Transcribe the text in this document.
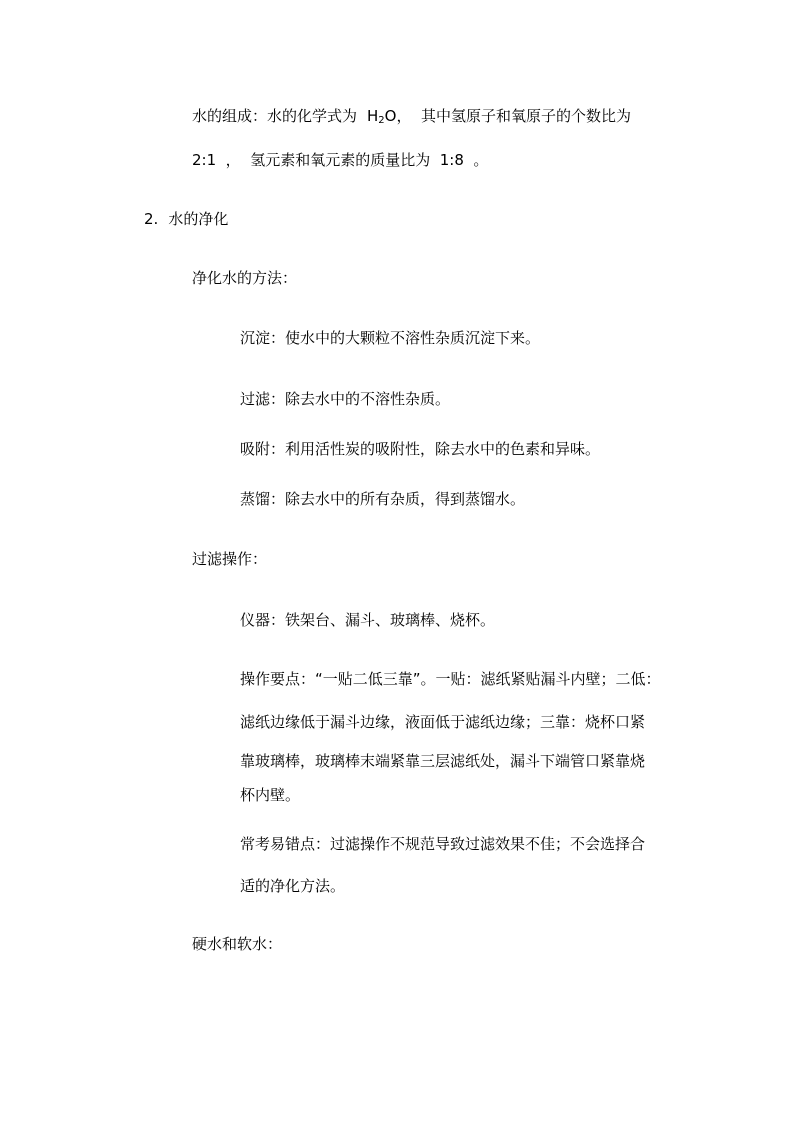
水的组成：水的化学式为 $H_2O$，  其中氢原子和氧原子的个数比为
2:1  ，  氢元素和氧元素的质量比为  1:8  。
2. 水的净化
净化水的方法：
沉淀：使水中的大颗粒不溶性杂质沉淀下来。
过滤：除去水中的不溶性杂质。
吸附：利用活性炭的吸附性，除去水中的色素和异味。
蒸馏：除去水中的所有杂质，得到蒸馏水。
过滤操作：
仪器：铁架台、漏斗、玻璃棒、烧杯。
操作要点：“一贴二低三靠”。一贴：滤纸紧贴漏斗内壁；二低：
滤纸边缘低于漏斗边缘，液面低于滤纸边缘；三靠：烧杯口紧
靠玻璃棒，玻璃棒末端紧靠三层滤纸处，漏斗下端管口紧靠烧
杯内壁。
常考易错点：过滤操作不规范导致过滤效果不佳；不会选择合
适的净化方法。
硬水和软水：
